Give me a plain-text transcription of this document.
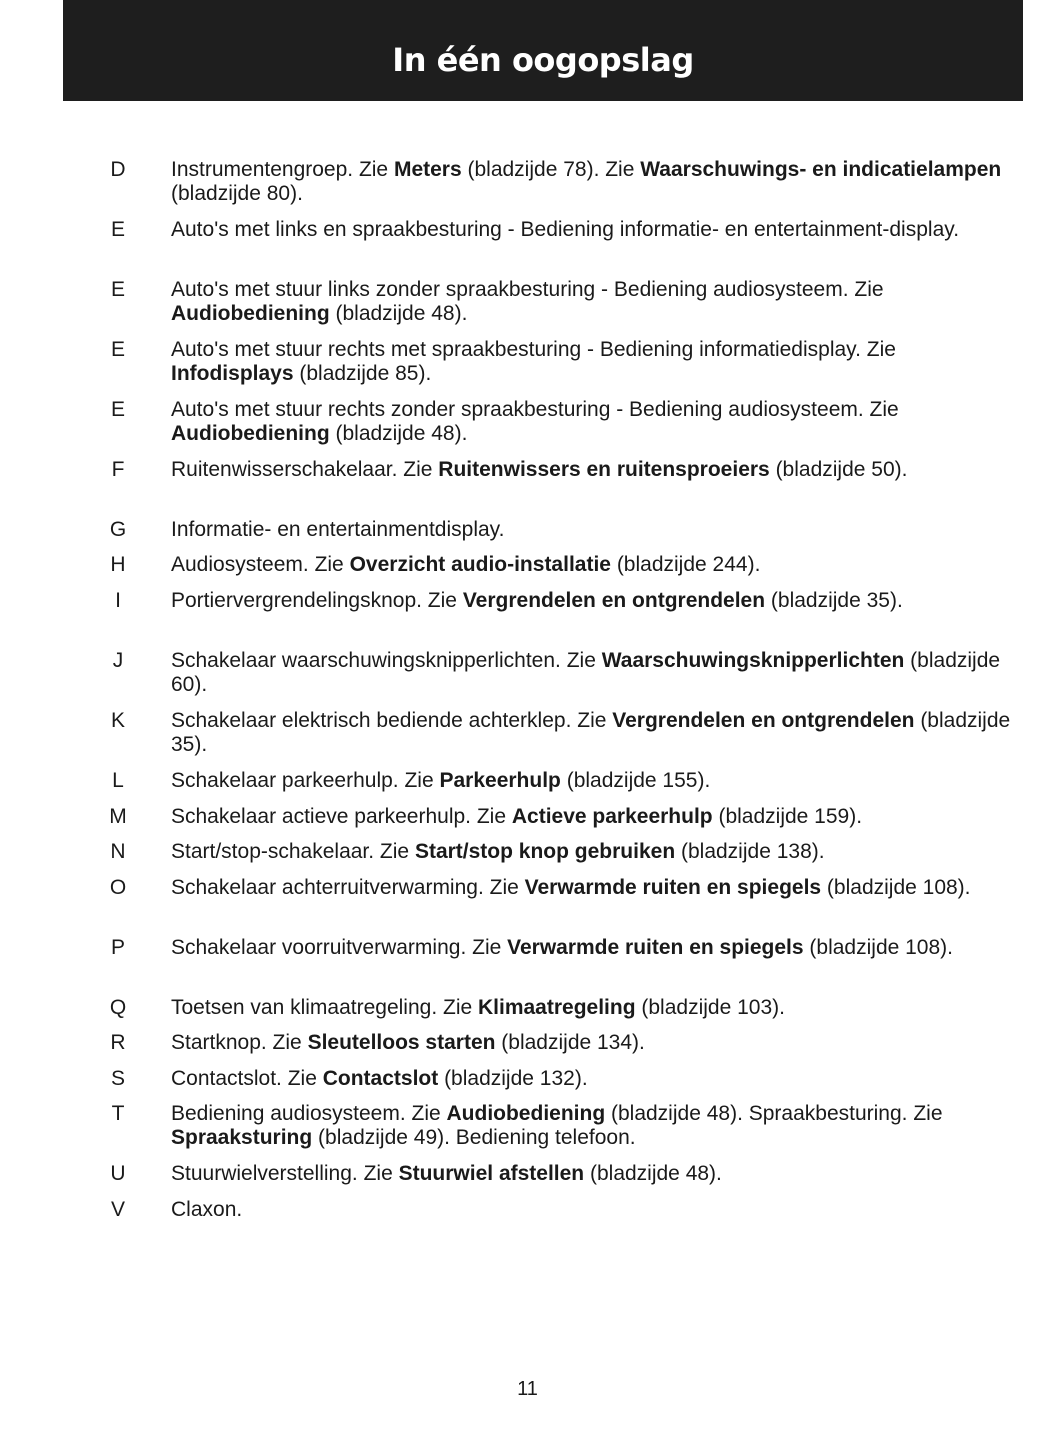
In één oogopslag
D	Instrumentengroep. Zie Meters (bladzijde 78). Zie Waarschuwings- en indicatielampen (bladzijde 80).
E	Auto's met links en spraakbesturing - Bediening informatie- en entertainment-display.
E	Auto's met stuur links zonder spraakbesturing - Bediening audiosysteem. Zie Audiobediening (bladzijde 48).
E	Auto's met stuur rechts met spraakbesturing - Bediening informatiedisplay. Zie Infodisplays (bladzijde 85).
E	Auto's met stuur rechts zonder spraakbesturing - Bediening audiosysteem. Zie Audiobediening (bladzijde 48).
F	Ruitenwisserschakelaar. Zie Ruitenwissers en ruitensproeiers (bladzijde 50).
G Informatie- en entertainmentdisplay.
H	Audiosysteem. Zie Overzicht audio-installatie (bladzijde 244).
I	Portiervergrendelingsknop. Zie Vergrendelen en ontgrendelen (bladzijde 35).
J	Schakelaar waarschuwingsknipperlichten. Zie Waarschuwingsknipperlichten (bladzijde 60).
K	Schakelaar elektrisch bediende achterklep. Zie Vergrendelen en ontgrendelen (bladzijde 35).
L	Schakelaar parkeerhulp. Zie Parkeerhulp (bladzijde 155).
M Schakelaar actieve parkeerhulp. Zie Actieve parkeerhulp (bladzijde 159).
N	Start/stop-schakelaar. Zie Start/stop knop gebruiken (bladzijde 138).
O Schakelaar achterruitverwarming. Zie Verwarmde ruiten en spiegels (bladzijde 108).
P	Schakelaar voorruitverwarming. Zie Verwarmde ruiten en spiegels (bladzijde 108).
Q Toetsen van klimaatregeling. Zie Klimaatregeling (bladzijde 103).
R	Startknop. Zie Sleutelloos starten (bladzijde 134).
S	Contactslot. Zie Contactslot (bladzijde 132).
T	Bediening audiosysteem. Zie Audiobediening (bladzijde 48). Spraakbesturing. Zie Spraaksturing (bladzijde 49). Bediening telefoon.
U	Stuurwielverstelling. Zie Stuurwiel afstellen (bladzijde 48).
V	Claxon.
11
